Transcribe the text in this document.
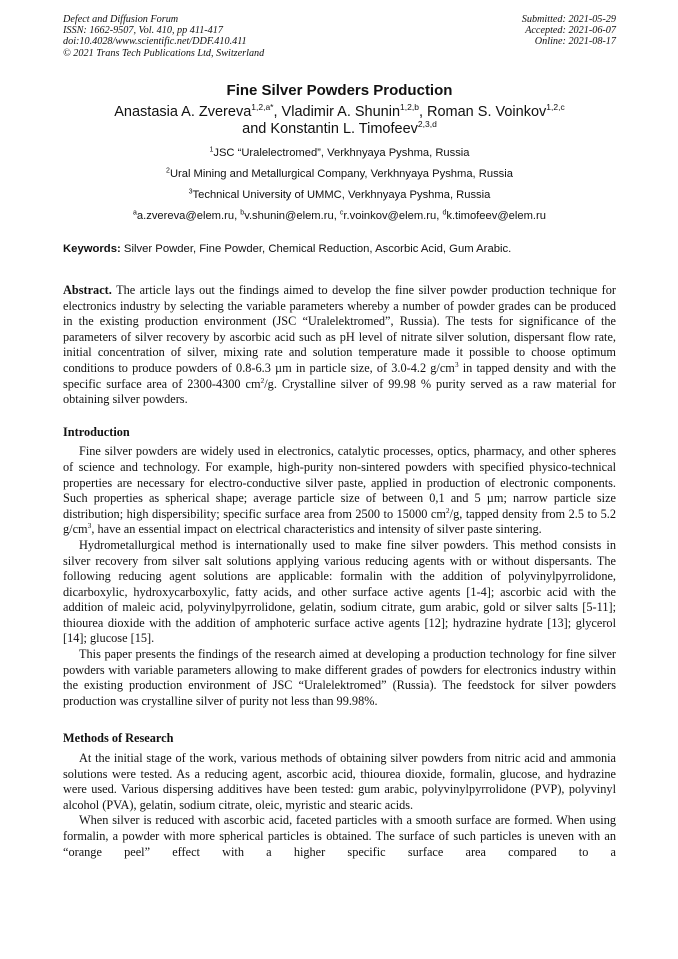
Defect and Diffusion Forum
ISSN: 1662-9507, Vol. 410, pp 411-417
doi:10.4028/www.scientific.net/DDF.410.411
© 2021 Trans Tech Publications Ltd, Switzerland
Submitted: 2021-05-29
Accepted: 2021-06-07
Online: 2021-08-17
Fine Silver Powders Production
Anastasia A. Zvereva$^{1,2,a*}$, Vladimir A. Shunin$^{1,2,b}$, Roman S. Voinkov$^{1,2,c}$
and Konstantin L. Timofeev$^{2,3,d}$
$^1$JSC “Uralelectromed”, Verkhnyaya Pyshma, Russia
$^2$Ural Mining and Metallurgical Company, Verkhnyaya Pyshma, Russia
$^3$Technical University of UMMC, Verkhnyaya Pyshma, Russia
$^a$a.zvereva@elem.ru, $^b$v.shunin@elem.ru, $^c$r.voinkov@elem.ru, $^d$k.timofeev@elem.ru
Keywords: Silver Powder, Fine Powder, Chemical Reduction, Ascorbic Acid, Gum Arabic.

Abstract. The article lays out the findings aimed to develop the fine silver powder production technique for electronics industry by selecting the variable parameters whereby a number of powder grades can be produced in the existing production environment (JSC “Uralelektromed”, Russia). The tests for significance of the parameters of silver recovery by ascorbic acid such as pH level of nitrate silver solution, dispersant flow rate, initial concentration of silver, mixing rate and solution temperature made it possible to choose optimum conditions to produce powders of 0.8-6.3 µm in particle size, of 3.0-4.2 $g/cm^3$ in tapped density and with the specific surface area of 2300-4300 $cm^2/g$. Crystalline silver of 99.98 % purity served as a raw material for obtaining silver powders.

Introduction

Fine silver powders are widely used in electronics, catalytic processes, optics, pharmacy, and other spheres of science and technology. For example, high-purity non-sintered powders with specified physico-technical properties are necessary for electro-conductive silver paste, applied in production of electronic components. Such properties as spherical shape; average particle size of between 0,1 and 5 µm; narrow particle size distribution; high dispersibility; specific surface area from 2500 to 15000 $cm^2/g$, tapped density from 2.5 to 5.2 $g/cm^3$, have an essential impact on electrical characteristics and intensity of silver paste sintering.

Hydrometallurgical method is internationally used to make fine silver powders. This method consists in silver recovery from silver salt solutions applying various reducing agents with or without dispersants. The following reducing agent solutions are applicable: formalin with the addition of polyvinylpyrrolidone, dicarboxylic, hydroxycarboxylic, fatty acids, and other surface active agents [1-4]; ascorbic acid with the addition of maleic acid, polyvinylpyrrolidone, gelatin, sodium citrate, gum arabic, gold or silver salts [5-11]; thiourea dioxide with the addition of amphoteric surface active agents [12]; hydrazine hydrate [13]; glycerol [14]; glucose [15].

This paper presents the findings of the research aimed at developing a production technology for fine silver powders with variable parameters allowing to make different grades of powders for electronics industry within the existing production environment of JSC “Uralelektromed” (Russia). The feedstock for silver powders production was crystalline silver of purity not less than 99.98%.

Methods of Research

At the initial stage of the work, various methods of obtaining silver powders from nitric acid and ammonia solutions were tested. As a reducing agent, ascorbic acid, thiourea dioxide, formalin, glucose, and hydrazine were used. Various dispersing additives have been tested: gum arabic, polyvinylpyrrolidone (PVP), polyvinyl alcohol (PVA), gelatin, sodium citrate, oleic, myristic and stearic acids.

When silver is reduced with ascorbic acid, faceted particles with a smooth surface are formed. When using formalin, a powder with more spherical particles is obtained. The surface of such particles is uneven with an “orange peel” effect with a higher specific surface area compared to a
